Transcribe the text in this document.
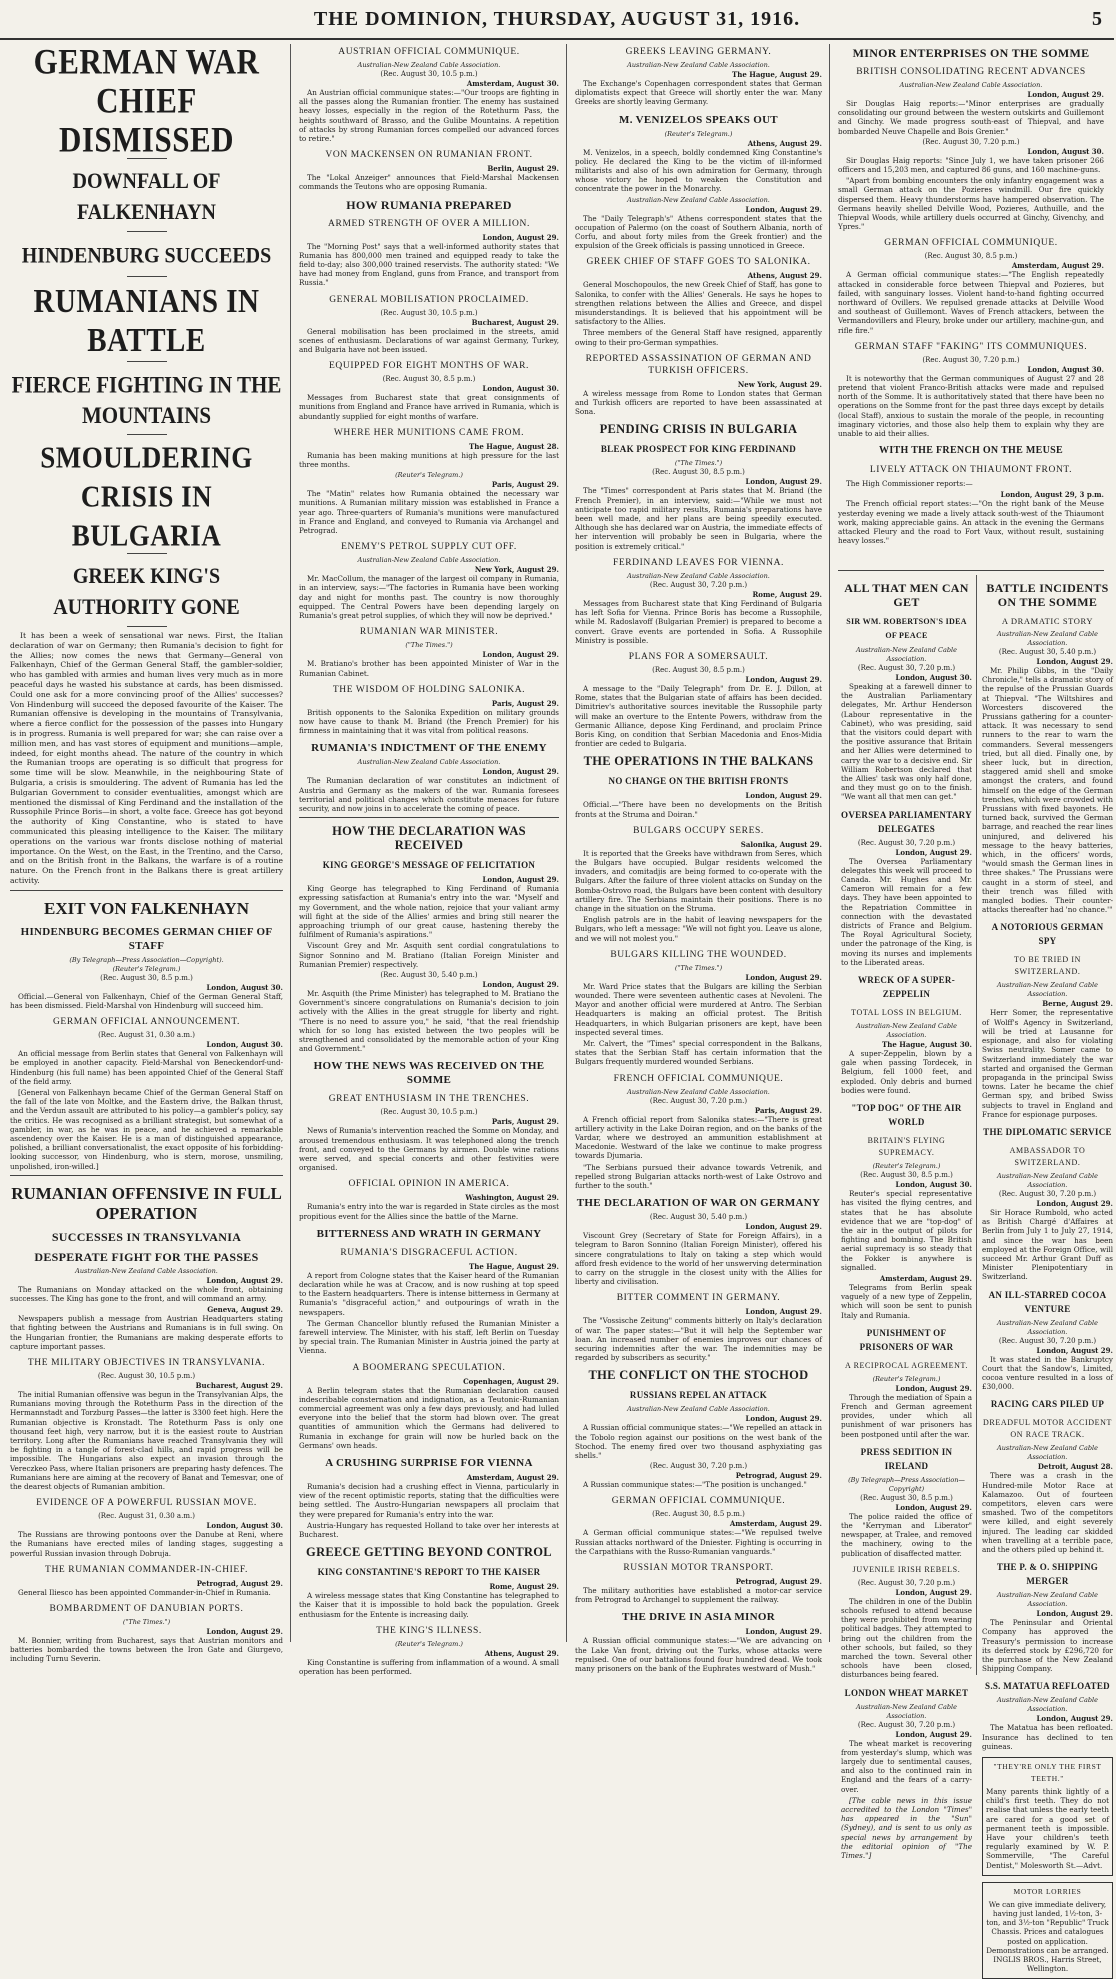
THE DOMINION, THURSDAY, AUGUST 31, 1916.	5
GERMAN WAR CHIEF DISMISSED
DOWNFALL OF FALKENHAYN
HINDENBURG SUCCEEDS
RUMANIANS IN BATTLE
FIERCE FIGHTING IN THE MOUNTAINS
SMOULDERING CRISIS IN BULGARIA
GREEK KING'S AUTHORITY GONE

It has been a week of sensational war news. First, the Italian declaration of war on Germany; then Rumania's decision to fight for the Allies; now comes the news that Germany—General von Falkenhayn, Chief of the German General Staff, the gambler-soldier, who has gambled with armies and human lives very much as in more peaceful days he wasted his substance at cards, has been dismissed. Could one ask for a more convincing proof of the Allies' successes? Von Hindenburg will succeed the deposed favourite of the Kaiser. The Rumanian offensive is developing in the mountains of Transylvania, where a fierce conflict for the possession of the passes into Hungary is in progress. Rumania is well prepared for war; she can raise over a million men, and has vast stores of equipment and munitions—ample, indeed, for eight months ahead. The nature of the country in which the Rumanian troops are operating is so difficult that progress for some time will be slow. Meanwhile, in the neighbouring State of Bulgaria, a crisis is smouldering. The advent of Rumania has led the Bulgarian Government to consider eventualities, amongst which are mentioned the dismissal of King Ferdinand and the installation of the Russophile Prince Boris—in short, a volte face. Greece has got beyond the authority of King Constantine, who is stated to have communicated this pleasing intelligence to the Kaiser. The military operations on the various war fronts disclose nothing of material importance. On the West, on the East, in the Trentino, and the Carso, and on the British front in the Balkans, the warfare is of a routine nature. On the French front in the Balkans there is great artillery activity.

EXIT VON FALKENHAYN
HINDENBURG BECOMES GERMAN CHIEF OF STAFF
(By Telegraph—Press Association—Copyright).
(Reuter's Telegram.)
(Rec. August 30, 8.5 p.m.)
London, August 30.

Official.—General von Falkenhayn, Chief of the German General Staff, has been dismissed. Field-Marshal von Hindenburg will succeed him.

GERMAN OFFICIAL ANNOUNCEMENT.
(Rec. August 31, 0.30 a.m.)
London, August 30.

An official message from Berlin states that General von Falkenhayn will be employed in another capacity. Field-Marshal von Beneckendorf-und-Hindenburg (his full name) has been appointed Chief of the General Staff of the field army.

[General von Falkenhayn became Chief of the German General Staff on the fall of the late von Moltke, and the Eastern drive, the Balkan thrust, and the Verdun assault are attributed to his policy—a gambler's policy, say the critics. He was recognised as a brilliant strategist, but somewhat of a gambler, in war, as he was in peace, and he achieved a remarkable ascendency over the Kaiser. He is a man of distinguished appearance, polished, a brilliant conversationalist, the exact opposite of his forbidding-looking successor, von Hindenburg, who is stern, morose, unsmiling, unpolished, iron-willed.]

RUMANIAN OFFENSIVE IN FULL OPERATION
SUCCESSES IN TRANSYLVANIA
DESPERATE FIGHT FOR THE PASSES
Australian-New Zealand Cable Association.
London, August 29.

The Rumanians on Monday attacked on the whole front, obtaining successes. The King has gone to the front, and will command an army.

Geneva, August 29.

Newspapers publish a message from Austrian Headquarters stating that fighting between the Austrians and Rumanians is in full swing. On the Hungarian frontier, the Rumanians are making desperate efforts to capture important passes.

THE MILITARY OBJECTIVES IN TRANSYLVANIA.
(Rec. August 30, 10.5 p.m.)
Bucharest, August 29.

The initial Rumanian offensive was begun in the Transylvanian Alps, the Rumanians moving through the Rotethurm Pass in the direction of the Hermannstadt and Torzburg Passes—the latter is 3300 feet high. Here the Rumanian objective is Kronstadt. The Rotethurm Pass is only one thousand feet high, very narrow, but it is the easiest route to Austrian territory. Long after the Rumanians have reached Transylvania they will be fighting in a tangle of forest-clad hills, and rapid progress will be impossible. The Hungarians also expect an invasion through the Vereczkeo Pass, where Italian prisoners are preparing hasty defences. The Rumanians here are aiming at the recovery of Banat and Temesvar, one of the dearest objects of Rumanian ambition.

EVIDENCE OF A POWERFUL RUSSIAN MOVE.
(Rec. August 31, 0.30 a.m.)
London, August 30.

The Russians are throwing pontoons over the Danube at Reni, where the Rumanians have erected miles of landing stages, suggesting a powerful Russian invasion through Dobruja.

THE RUMANIAN COMMANDER-IN-CHIEF.
Petrograd, August 29.

General Iliesco has been appointed Commander-in-Chief in Rumania.

BOMBARDMENT OF DANUBIAN PORTS.
("The Times.")
London, August 29.

M. Bonnier, writing from Bucharest, says that Austrian monitors and batteries bombarded the towns between the Iron Gate and Giurgevo, including Turnu Severin.

AUSTRIAN OFFICIAL COMMUNIQUE.
Australian-New Zealand Cable Association.
(Rec. August 30, 10.5 p.m.)
Amsterdam, August 30.

An Austrian official communique states:—"Our troops are fighting in all the passes along the Rumanian frontier. The enemy has sustained heavy losses, especially in the region of the Rotethurm Pass, the heights southward of Brasso, and the Gulibe Mountains. A repetition of attacks by strong Rumanian forces compelled our advanced forces to retire."

VON MACKENSEN ON RUMANIAN FRONT.
Berlin, August 29.

The "Lokal Anzeiger" announces that Field-Marshal Mackensen commands the Teutons who are opposing Rumania.

HOW RUMANIA PREPARED
ARMED STRENGTH OF OVER A MILLION.
London, August 29.

The "Morning Post" says that a well-informed authority states that Rumania has 800,000 men trained and equipped ready to take the field to-day; also 300,000 trained reservists. The authority stated: "We have had money from England, guns from France, and transport from Russia."

GENERAL MOBILISATION PROCLAIMED.
(Rec. August 30, 10.5 p.m.)
Bucharest, August 29.

General mobilisation has been proclaimed in the streets, amid scenes of enthusiasm. Declarations of war against Germany, Turkey, and Bulgaria have not been issued.

EQUIPPED FOR EIGHT MONTHS OF WAR.
(Rec. August 30, 8.5 p.m.)
London, August 30.

Messages from Bucharest state that great consignments of munitions from England and France have arrived in Rumania, which is abundantly supplied for eight months of warfare.

WHERE HER MUNITIONS CAME FROM.
The Hague, August 28.

Rumania has been making munitions at high pressure for the last three months.

(Reuter's Telegram.)
Paris, August 29.

The "Matin" relates how Rumania obtained the necessary war munitions. A Rumanian military mission was established in France a year ago. Three-quarters of Rumania's munitions were manufactured in France and England, and conveyed to Rumania via Archangel and Petrograd.

ENEMY'S PETROL SUPPLY CUT OFF.
Australian-New Zealand Cable Association.
New York, August 29.

Mr. MacCollum, the manager of the largest oil company in Rumania, in an interview, says:—"The factories in Rumania have been working day and night for months past. The country is now thoroughly equipped. The Central Powers have been depending largely on Rumania's great petrol supplies, of which they will now be deprived."

RUMANIAN WAR MINISTER.
("The Times.")
London, August 29.

M. Bratiano's brother has been appointed Minister of War in the Rumanian Cabinet.

THE WISDOM OF HOLDING SALONIKA.
Paris, August 29.

British opponents to the Salonika Expedition on military grounds now have cause to thank M. Briand (the French Premier) for his firmness in maintaining that it was vital from political reasons.

RUMANIA'S INDICTMENT OF THE ENEMY
Australian-New Zealand Cable Association.
London, August 29.

The Rumanian declaration of war constitutes an indictment of Austria and Germany as the makers of the war. Rumania foresees territorial and political changes which constitute menaces for future security, and now joins in to accelerate the coming of peace.

HOW THE DECLARATION WAS RECEIVED
KING GEORGE'S MESSAGE OF FELICITATION
London, August 29.

King George has telegraphed to King Ferdinand of Rumania expressing satisfaction at Rumania's entry into the war. "Myself and my Government, and the whole nation, rejoice that your valiant army will fight at the side of the Allies' armies and bring still nearer the approaching triumph of our great cause, hastening thereby the fulfilment of Rumania's aspirations."

Viscount Grey and Mr. Asquith sent cordial congratulations to Signor Sonnino and M. Bratiano (Italian Foreign Minister and Rumanian Premier) respectively.

(Rec. August 30, 5.40 p.m.)
London, August 29.

Mr. Asquith (the Prime Minister) has telegraphed to M. Bratiano the Government's sincere congratulations on Rumania's decision to join actively with the Allies in the great struggle for liberty and right. "There is no need to assure you," he said, "that the real friendship which for so long has existed between the two peoples will be strengthened and consolidated by the memorable action of your King and Government."

HOW THE NEWS WAS RECEIVED ON THE SOMME
GREAT ENTHUSIASM IN THE TRENCHES.
(Rec. August 30, 10.5 p.m.)
Paris, August 29.

News of Rumania's intervention reached the Somme on Monday, and aroused tremendous enthusiasm. It was telephoned along the trench front, and conveyed to the Germans by airmen. Double wine rations were served, and special concerts and other festivities were organised.

OFFICIAL OPINION IN AMERICA.
Washington, August 29.

Rumania's entry into the war is regarded in State circles as the most propitious event for the Allies since the battle of the Marne.

BITTERNESS AND WRATH IN GERMANY
RUMANIA'S DISGRACEFUL ACTION.
The Hague, August 29.

A report from Cologne states that the Kaiser heard of the Rumanian declaration while he was at Cracow, and is now rushing at top speed to the Eastern headquarters. There is intense bitterness in Germany at Rumania's "disgraceful action," and outpourings of wrath in the newspapers.

The German Chancellor bluntly refused the Rumanian Minister a farewell interview. The Minister, with his staff, left Berlin on Tuesday by special train. The Rumanian Minister in Austria joined the party at Vienna.

A BOOMERANG SPECULATION.
Copenhagen, August 29.

A Berlin telegram states that the Rumanian declaration caused indescribable consternation and indignation, as a Teutonic-Rumanian commercial agreement was only a few days previously, and had lulled everyone into the belief that the storm had blown over. The great quantities of ammunition which the Germans had delivered to Rumania in exchange for grain will now be hurled back on the Germans' own heads.

A CRUSHING SURPRISE FOR VIENNA
Amsterdam, August 29.

Rumania's decision had a crushing effect in Vienna, particularly in view of the recent optimistic reports, stating that the difficulties were being settled. The Austro-Hungarian newspapers all proclaim that they were prepared for Rumania's entry into the war.

Austria-Hungary has requested Holland to take over her interests at Bucharest.

GREECE GETTING BEYOND CONTROL
KING CONSTANTINE'S REPORT TO THE KAISER
Rome, August 29.

A wireless message states that King Constantine has telegraphed to the Kaiser that it is impossible to hold back the population. Greek enthusiasm for the Entente is increasing daily.

THE KING'S ILLNESS.
(Reuter's Telegram.)
Athens, August 29.

King Constantine is suffering from inflammation of a wound. A small operation has been performed.

GREEKS LEAVING GERMANY.
Australian-New Zealand Cable Association.
The Hague, August 29.

The Exchange's Copenhagen correspondent states that German diplomatists expect that Greece will shortly enter the war. Many Greeks are shortly leaving Germany.

M. VENIZELOS SPEAKS OUT
(Reuter's Telegram.)
Athens, August 29.

M. Venizelos, in a speech, boldly condemned King Constantine's policy. He declared the King to be the victim of ill-informed militarists and also of his own admiration for Germany, through whose victory he hoped to weaken the Constitution and concentrate the power in the Monarchy.

Australian-New Zealand Cable Association.
London, August 29.

The "Daily Telegraph's" Athens correspondent states that the occupation of Palermo (on the coast of Southern Albania, north of Corfu, and about forty miles from the Greek frontier) and the expulsion of the Greek officials is passing unnoticed in Greece.

GREEK CHIEF OF STAFF GOES TO SALONIKA.
Athens, August 29.

General Moschopoulos, the new Greek Chief of Staff, has gone to Salonika, to confer with the Allies' Generals. He says he hopes to strengthen relations between the Allies and Greece, and dispel misunderstandings. It is believed that his appointment will be satisfactory to the Allies.

Three members of the General Staff have resigned, apparently owing to their pro-German sympathies.

REPORTED ASSASSINATION OF GERMAN AND TURKISH OFFICERS.
New York, August 29.

A wireless message from Rome to London states that German and Turkish officers are reported to have been assassinated at Sona.

PENDING CRISIS IN BULGARIA
BLEAK PROSPECT FOR KING FERDINAND
("The Times.")
(Rec. August 30, 8.5 p.m.)
London, August 29.

The "Times" correspondent at Paris states that M. Briand (the French Premier), in an interview, said:—"While we must not anticipate too rapid military results, Rumania's preparations have been well made, and her plans are being speedily executed. Although she has declared war on Austria, the immediate effects of her intervention will probably be seen in Bulgaria, where the position is extremely critical."

FERDINAND LEAVES FOR VIENNA.
Australian-New Zealand Cable Association.
(Rec. August 30, 7.20 p.m.)
Rome, August 29.

Messages from Bucharest state that King Ferdinand of Bulgaria has left Sofia for Vienna. Prince Boris has become a Russophile, while M. Radoslavoff (Bulgarian Premier) is prepared to become a convert. Grave events are portended in Sofia. A Russophile Ministry is possible.

PLANS FOR A SOMERSAULT.
(Rec. August 30, 8.5 p.m.)
London, August 29.

A message to the "Daily Telegraph" from Dr. E. J. Dillon, at Rome, states that the Bulgarian state of affairs has been decided. Dimitriev's authoritative sources inevitable the Russophile party will make an overture to the Entente Powers, withdraw from the Germanic Alliance, depose King Ferdinand, and proclaim Prince Boris King, on condition that Serbian Macedonia and Enos-Midia frontier are ceded to Bulgaria.

THE OPERATIONS IN THE BALKANS
NO CHANGE ON THE BRITISH FRONTS
London, August 29.

Official.—"There have been no developments on the British fronts at the Struma and Doiran."

BULGARS OCCUPY SERES.
Salonika, August 29.

It is reported that the Greeks have withdrawn from Seres, which the Bulgars have occupied. Bulgar residents welcomed the invaders, and comitadjis are being formed to co-operate with the Bulgars. After the failure of three violent attacks on Sunday on the Bomba-Ostrovo road, the Bulgars have been content with desultory artillery fire. The Serbians maintain their positions. There is no change in the situation on the Struma.

English patrols are in the habit of leaving newspapers for the Bulgars, who left a message: "We will not fight you. Leave us alone, and we will not molest you."

BULGARS KILLING THE WOUNDED.
("The Times.")
London, August 29.

Mr. Ward Price states that the Bulgars are killing the Serbian wounded. There were seventeen authentic cases at Nevoleni. The Mayor and another official were murdered at Antro. The Serbian Headquarters is making an official protest. The British Headquarters, in which Bulgarian prisoners are kept, have been inspected several times.

Mr. Calvert, the "Times" special correspondent in the Balkans, states that the Serbian Staff has certain information that the Bulgars frequently murdered wounded Serbians.

FRENCH OFFICIAL COMMUNIQUE.
Australian-New Zealand Cable Association.
(Rec. August 30, 7.20 p.m.)
Paris, August 29.

A French official report from Salonika states:—"There is great artillery activity in the Lake Doiran region, and on the banks of the Vardar, where we destroyed an ammunition establishment at Macedonie. Westward of the lake we continue to make progress towards Djumaria.

"The Serbians pursued their advance towards Vetrenik, and repelled strong Bulgarian attacks north-west of Lake Ostrovo and further to the south."

THE DECLARATION OF WAR ON GERMANY
(Rec. August 30, 5.40 p.m.)
London, August 29.

Viscount Grey (Secretary of State for Foreign Affairs), in a telegram to Baron Sonnino (Italian Foreign Minister), offered his sincere congratulations to Italy on taking a step which would afford fresh evidence to the world of her unswerving determination to carry on the struggle in the closest unity with the Allies for liberty and civilisation.

BITTER COMMENT IN GERMANY.
London, August 29.

The "Vossische Zeitung" comments bitterly on Italy's declaration of war. The paper states:—"But it will help the September war loan. An increased number of enemies improves our chances of securing indemnities after the war. The indemnities may be regarded by subscribers as security."

THE CONFLICT ON THE STOCHOD
RUSSIANS REPEL AN ATTACK
Australian-New Zealand Cable Association.
London, August 29.

A Russian official communique states:—"We repelled an attack in the Tobolo region against our positions on the west bank of the Stochod. The enemy fired over two thousand asphyxiating gas shells."

(Rec. August 30, 7.20 p.m.)
Petrograd, August 29.

A Russian communique states:—"The position is unchanged."

GERMAN OFFICIAL COMMUNIQUE.
(Rec. August 30, 8.5 p.m.)
Amsterdam, August 29.

A German official communique states:—"We repulsed twelve Russian attacks northward of the Dniester. Fighting is occurring in the Carpathians with the Russo-Rumanian vanguards."

RUSSIAN MOTOR TRANSPORT.
Petrograd, August 29.

The military authorities have established a motor-car service from Petrograd to Archangel to supplement the railway.

THE DRIVE IN ASIA MINOR
London, August 29.

A Russian official communique states:—"We are advancing on the Lake Van front, driving out the Turks, whose attacks were repulsed. One of our battalions found four hundred dead. We took many prisoners on the bank of the Euphrates westward of Mush."

MINOR ENTERPRISES ON THE SOMME
BRITISH CONSOLIDATING RECENT ADVANCES
Australian-New Zealand Cable Association.
London, August 29.

Sir Douglas Haig reports:—"Minor enterprises are gradually consolidating our ground between the western outskirts and Guillemont and Ginchy. We made progress south-east of Thiepval, and have bombarded Neuve Chapelle and Bois Grenier."

(Rec. August 30, 7.20 p.m.)
London, August 30.

Sir Douglas Haig reports: "Since July 1, we have taken prisoner 266 officers and 15,203 men, and captured 86 guns, and 160 machine-guns.

"Apart from bombing encounters the only infantry engagement was a small German attack on the Pozieres windmill. Our fire quickly dispersed them. Heavy thunderstorms have hampered observation. The Germans heavily shelled Delville Wood, Pozieres, Authuille, and the Thiepval Woods, while artillery duels occurred at Ginchy, Givenchy, and Ypres."

GERMAN OFFICIAL COMMUNIQUE.
(Rec. August 30, 8.5 p.m.)
Amsterdam, August 29.

A German official communique states:—"The English repeatedly attacked in considerable force between Thiepval and Pozieres, but failed, with sanguinary losses. Violent hand-to-hand fighting occurred northward of Ovillers. We repulsed grenade attacks at Delville Wood and southeast of Guillemont. Waves of French attackers, between the Vermandovillers and Fleury, broke under our artillery, machine-gun, and rifle fire."

GERMAN STAFF "FAKING" ITS COMMUNIQUES.
(Rec. August 30, 7.20 p.m.)
London, August 30.

It is noteworthy that the German communiques of August 27 and 28 pretend that violent Franco-British attacks were made and repulsed north of the Somme. It is authoritatively stated that there have been no operations on the Somme front for the past three days except by details (local Staff), anxious to sustain the morale of the people, in recounting imaginary victories, and those also help them to explain why they are unable to aid their allies.

WITH THE FRENCH ON THE MEUSE
LIVELY ATTACK ON THIAUMONT FRONT.

The High Commissioner reports:—

London, August 29, 3 p.m.

The French official report states:—"On the right bank of the Meuse yesterday evening we made a lively attack south-west of the Thiaumont work, making appreciable gains. An attack in the evening the Germans attacked Fleury and the road to Fort Vaux, without result, sustaining heavy losses."

ALL THAT MEN CAN GET
SIR WM. ROBERTSON'S IDEA OF PEACE
Australian-New Zealand Cable Association.
(Rec. August 30, 7.20 p.m.)
London, August 30.

Speaking at a farewell dinner to the Australian Parliamentary delegates, Mr. Arthur Henderson (Labour representative in the Cabinet), who was presiding, said that the visitors could depart with the positive assurance that Britain and her Allies were determined to carry the war to a decisive end. Sir William Robertson declared that the Allies' task was only half done, and they must go on to the finish. "We want all that men can get."

OVERSEA PARLIAMENTARY DELEGATES
(Rec. August 30, 7.20 p.m.)
London, August 29.

The Oversea Parliamentary delegates this week will proceed to Canada. Mr. Hughes and Mr. Cameron will remain for a few days. They have been appointed to the Repatriation Committee in connection with the devastated districts of France and Belgium. The Royal Agricultural Society, under the patronage of the King, is moving its nurses and implements to the Liberated areas.

WRECK OF A SUPER-ZEPPELIN
TOTAL LOSS IN BELGIUM.
Australian-New Zealand Cable Association.
The Hague, August 30.

A super-Zeppelin, blown by a gale when passing Tordecek, in Belgium, fell 1000 feet, and exploded. Only debris and burned bodies were found.

"TOP DOG" OF THE AIR WORLD
BRITAIN'S FLYING SUPREMACY.
(Reuter's Telegram.)
(Rec. August 30, 8.5 p.m.)
London, August 30.

Reuter's special representative has visited the flying centres, and states that he has absolute evidence that we are "top-dog" of the air in the output of pilots for fighting and bombing. The British aerial supremacy is so steady that the Fokker is anywhere is signalled.

Amsterdam, August 29.

Telegrams from Berlin speak vaguely of a new type of Zeppelin, which will soon be sent to punish Italy and Rumania.

PUNISHMENT OF PRISONERS OF WAR
A RECIPROCAL AGREEMENT.
(Reuter's Telegram.)
London, August 29.

Through the mediation of Spain a French and German agreement provides, under which all punishment of war prisoners has been postponed until after the war.

PRESS SEDITION IN IRELAND
(By Telegraph—Press Association—Copyright)
(Rec. August 30, 8.5 p.m.)
London, August 29.

The police raided the office of the "Kerryman and Liberator" newspaper, at Tralee, and removed the machinery, owing to the publication of disaffected matter.

JUVENILE IRISH REBELS.
(Rec. August 30, 7.20 p.m.)
London, August 29.

The children in one of the Dublin schools refused to attend because they were prohibited from wearing political badges. They attempted to bring out the children from the other schools, but failed, so they marched the town. Several other schools have been closed, disturbances being feared.

LONDON WHEAT MARKET
Australian-New Zealand Cable Association.
(Rec. August 30, 7.20 p.m.)
London, August 29.

The wheat market is recovering from yesterday's slump, which was largely due to sentimental causes, and also to the continued rain in England and the fears of a carry-over.

[The cable news in this issue accredited to the London "Times" has appeared in the "Sun" (Sydney), and is sent to us only as special news by arrangement by the editorial opinion of "The Times."]

BATTLE INCIDENTS ON THE SOMME
A DRAMATIC STORY
Australian-New Zealand Cable Association.
(Rec. August 30, 5.40 p.m.)
London, August 29.

Mr. Philip Gibbs, in the "Daily Chronicle," tells a dramatic story of the repulse of the Prussian Guards at Thiepval. "The Wiltshires and Worcesters discovered the Prussians gathering for a counter-attack. It was necessary to send runners to the rear to warn the commanders. Several messengers tried, but all died. Finally one, by sheer luck, but in direction, staggered amid shell and smoke amongst the craters, and found himself on the edge of the German trenches, which were crowded with Prussians with fixed bayonets. He turned back, survived the German barrage, and reached the rear lines uninjured, and delivered his message to the heavy batteries, which, in the officers' words, "would smash the German lines in three shakes." The Prussians were caught in a storm of steel, and their trench was filled with mangled bodies. Their counter-attacks thereafter had 'no chance.'"

A NOTORIOUS GERMAN SPY
TO BE TRIED IN SWITZERLAND.
Australian-New Zealand Cable Association.
Berne, August 29.

Herr Somer, the representative of Wolff's Agency in Switzerland, will be tried at Lausanne for espionage, and also for violating Swiss neutrality. Somer came to Switzerland immediately the war started and organised the German propaganda in the principal Swiss towns. Later he became the chief German spy, and bribed Swiss subjects to travel in England and France for espionage purposes.

THE DIPLOMATIC SERVICE
AMBASSADOR TO SWITZERLAND.
Australian-New Zealand Cable Association.
(Rec. August 30, 7.20 p.m.)
London, August 29.

Sir Horace Rumbold, who acted as British Chargé d'Affaires at Berlin from July 1 to July 27, 1914, and since the war has been employed at the Foreign Office, will succeed Mr. Arthur Grant Duff as Minister Plenipotentiary in Switzerland.

AN ILL-STARRED COCOA VENTURE
Australian-New Zealand Cable Association.
(Rec. August 30, 7.20 p.m.)
London, August 29.

It was stated in the Bankruptcy Court that the Sandow's, Limited, cocoa venture resulted in a loss of £30,000.

RACING CARS PILED UP
DREADFUL MOTOR ACCIDENT ON RACE TRACK.
Australian-New Zealand Cable Association.
Detroit, August 28.

There was a crash in the Hundred-mile Motor Race at Kalamazoo. Out of fourteen competitors, eleven cars were smashed. Two of the competitors were killed, and eight severely injured. The leading car skidded when travelling at a terrible pace, and the others piled up behind it.

THE P. & O. SHIPPING MERGER
Australian-New Zealand Cable Association.
London, August 29.

The Peninsular and Oriental Company has approved the Treasury's permission to increase its deferred stock by £296,720 for the purchase of the New Zealand Shipping Company.

S.S. MATATUA REFLOATED
Australian-New Zealand Cable Association.
London, August 29.

The Matatua has been refloated. Insurance has declined to ten guineas.

"THEY'RE ONLY THE FIRST TEETH."

Many parents think lightly of a child's first teeth. They do not realise that unless the early teeth are cared for a good set of permanent teeth is impossible. Have your children's teeth regularly examined by W. P. Sommerville, "The Careful Dentist," Molesworth St.—Advt.

MOTOR LORRIES

We can give immediate delivery, having just landed, 1½-ton, 3-ton, and 3½-ton "Republic" Truck Chassis. Prices and catalogues posted on application. Demonstrations can be arranged. INGLIS BROS., Harris Street, Wellington.
